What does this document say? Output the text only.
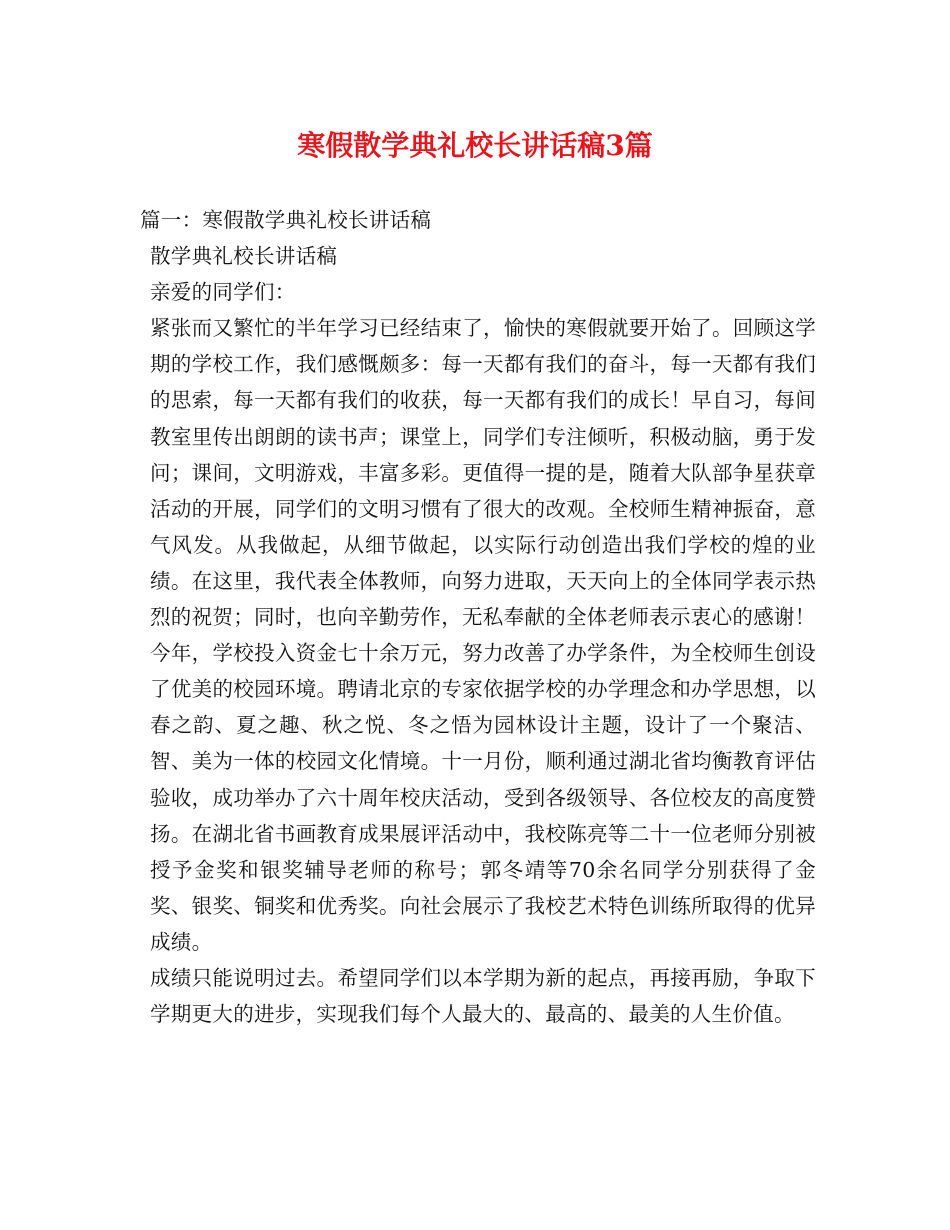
寒假散学典礼校长讲话稿3篇

篇一：寒假散学典礼校长讲话稿

散学典礼校长讲话稿

亲爱的同学们：

紧张而又繁忙的半年学习已经结束了，愉快的寒假就要开始了。回顾这学期的学校工作，我们感慨颇多：每一天都有我们的奋斗，每一天都有我们的思索，每一天都有我们的收获，每一天都有我们的成长！早自习，每间教室里传出朗朗的读书声；课堂上，同学们专注倾听，积极动脑，勇于发问；课间，文明游戏，丰富多彩。更值得一提的是，随着大队部争星获章活动的开展，同学们的文明习惯有了很大的改观。全校师生精神振奋，意气风发。从我做起，从细节做起，以实际行动创造出我们学校的煌的业绩。在这里，我代表全体教师，向努力进取，天天向上的全体同学表示热烈的祝贺；同时，也向辛勤劳作，无私奉献的全体老师表示衷心的感谢！

今年，学校投入资金七十余万元，努力改善了办学条件，为全校师生创设了优美的校园环境。聘请北京的专家依据学校的办学理念和办学思想，以春之韵、夏之趣、秋之悦、冬之悟为园林设计主题，设计了一个聚洁、智、美为一体的校园文化情境。十一月份，顺利通过湖北省均衡教育评估验收，成功举办了六十周年校庆活动，受到各级领导、各位校友的高度赞扬。在湖北省书画教育成果展评活动中，我校陈亮等二十一位老师分别被授予金奖和银奖辅导老师的称号；郭冬靖等70余名同学分别获得了金奖、银奖、铜奖和优秀奖。向社会展示了我校艺术特色训练所取得的优异成绩。

成绩只能说明过去。希望同学们以本学期为新的起点，再接再励，争取下学期更大的进步，实现我们每个人最大的、最高的、最美的人生价值。
